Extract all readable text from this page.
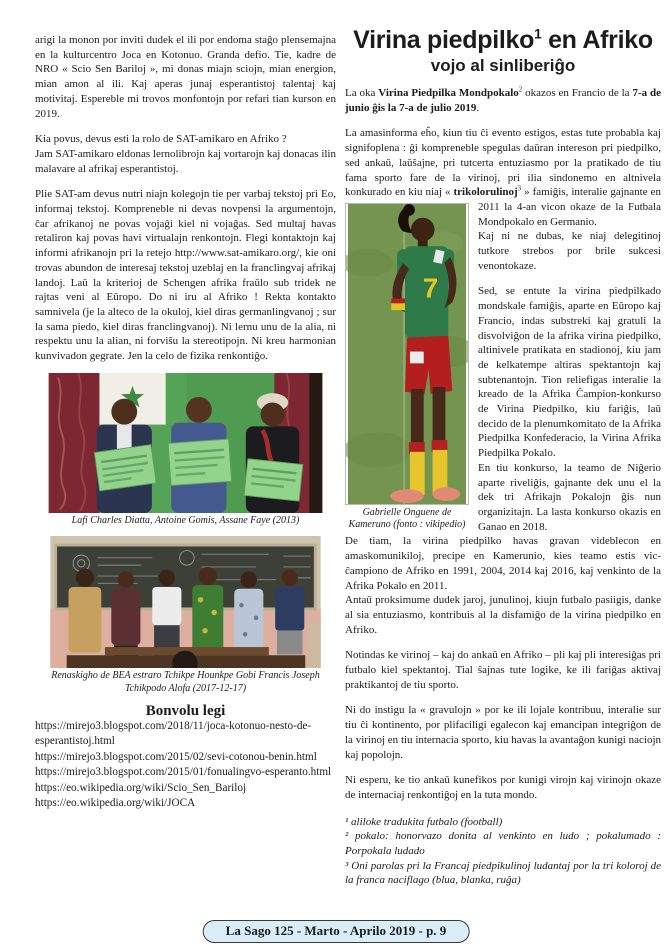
arigi la monon por inviti dudek el ili por endoma staĝo plensemajna en la kulturcentro Joca en Kotonuo. Granda defio. Tie, kadre de NRO « Scio Sen Bariloj », mi donas miajn sciojn, mian energion, mian amon al ili. Kaj aperas junaj esperantistoj talentaj kaj motivitaj. Espereble mi trovos monfontojn por refari tian kurson en 2019.

Kia povus, devus esti la rolo de SAT-amikaro en Afriko ?

Jam SAT-amikaro eldonas lernolibrojn kaj vortarojn kaj donacas ilin malavare al afrikaj esperantistoj.

Plie SAT-am devus nutri niajn kolegojn tie per varbaj tekstoj pri Eo, informaj tekstoj. Kompreneble ni devas novpensi la argumentojn, ĉar afrikanoj ne povas vojaĝi kiel ni vojaĝas. Sed multaj havas retaliron kaj povas havi virtualajn renkontojn. Flegi kontaktojn kaj informi afrikanojn pri la retejo http://www.sat-amikaro.org/, kie oni trovas abundon de interesaj tekstoj uzeblaj en la franclingvaj afrikaj landoj. Laŭ la kriterioj de Schengen afrika fraŭlo sub tridek ne rajtas veni al Eŭropo. Do ni iru al Afriko ! Rekta kontakto samnivela (je la alteco de la okuloj, kiel diras germanlingvanoj ; sur la sama piedo, kiel diras franclingvanoj). Ni lernu unu de la alia, ni respektu unu la alian, ni forviŝu la stereotipojn. Ni kreu harmonian kunvivadon gegrate. Jen la celo de fizika renkontiĝo.

Lafi Charles Diatta, Antoine Gomis, Assane Faye (2013)
Renaskigho de BEA estraro Tchikpe Hounkpe Gobi Francis Joseph Tchikpodo Alofa (2017-12-17)
Bonvolu legi
https://mirejo3.blogspot.com/2018/11/joca-kotonuo-nesto-de-esperantistoj.html
https://mirejo3.blogspot.com/2015/02/sevi-cotonou-benin.html
https://mirejo3.blogspot.com/2015/01/fonualingvo-esperanto.html
https://eo.wikipedia.org/wiki/Scio_Sen_Bariloj
https://eo.wikipedia.org/wiki/JOCA
Virina piedpilko$^1$ en Afriko
vojo al sinliberiĝo

La oka Virina Piedpilka Mondpokalo$^2$ okazos en Francio de la 7-a de junio ĝis la 7-a de julio 2019.

La amasinforma eĥo, kiun tiu ĉi evento estigos, estas tute probabla kaj signifoplena : ĝi kompreneble spegulas daŭran intereson pri piedpilko, sed ankaŭ, laŭŝajne, pri tutcerta entuziasmo por la pratikado de tiu fama sporto fare de la virinoj, pri ilia sindonemo en altnivela konkurado en kiu niaj « trikolorulinoj$^3$ » famiĝis, interalie gajnante en 2011 la 4-an
7
Gabrielle Onguene de Kameruno (fonto : vikipedio)
vicon okaze de la Futbala Mondpokalo en Germanio.

Kaj ni ne dubas, ke niaj delegitinoj tutkore strebos por brile sukcesi venontokaze.

Sed, se entute la virina piedpilkado mondskale famiĝis, aparte en Eŭropo kaj Francio, indas substreki kaj gratuli la disvolviĝon de la afrika virina piedpilko, altinivele pratikata en stadionoj, kiu jam de kelkatempe altiras spektantojn kaj subtenantojn. Tion reliefigas interalie la kreado de la Afrika Ĉampion-konkurso de Virina Piedpilko, kiu fariĝis, laŭ decido de la plenumkomitato de la Afrika Piedpilka Konfederacio, la Virina Afrika Piedpilka Pokalo.

En tiu konkurso, la teamo de Niĝerio aparte riveliĝis, gajnante dek unu el la dek tri Afrikajn Pokalojn ĝis nun organizitajn. La lasta konkurso okazis en Ganao en 2018.

De tiam, la virina piedpilko havas gravan videblecon en amaskomunikiloj, precipe en Kamerunio, kies teamo estis vic-ĉampiono de Afriko en 1991, 2004, 2014 kaj 2016, kaj venkinto de la Afrika Pokalo en 2011.

Antaŭ proksimume dudek jaroj, junulinoj, kiujn futbalo pasiigis, danke al sia entuziasmo, kontribuis al la disfamiĝo de la virina piedpilko en Afriko.

Notindas ke virinoj – kaj do ankaŭ en Afriko – pli kaj pli interesiĝas pri futbalo kiel spektantoj. Tial ŝajnas tute logike, ke ili fariĝas aktivaj praktikantoj de tiu sporto.

Ni do instigu la « gravulojn » por ke ili lojale kontribuu, interalie sur tiu ĉi kontinento, por plifaciligi egalecon kaj emancipan integriĝon de la virinoj en tiu internacia sporto, kiu havas la avantaĝon kunigi naciojn kaj popolojn.

Ni esperu, ke tio ankaŭ kunefikos por kunigi virojn kaj virinojn okaze de internaciaj renkontiĝoj en la tuta mondo.

¹ aliloke tradukita futbalo (football)

² pokalo: honorvazo donita al venkinto en ludo ; pokalumado : Porpokala ludado

³ Oni parolas pri la Francaj piedpikulinoj ludantaj por la tri koloroj de la franca naciflago (blua, blanka, ruĝa)

La Sago 125 - Marto - Aprilo 2019 - p. 9
